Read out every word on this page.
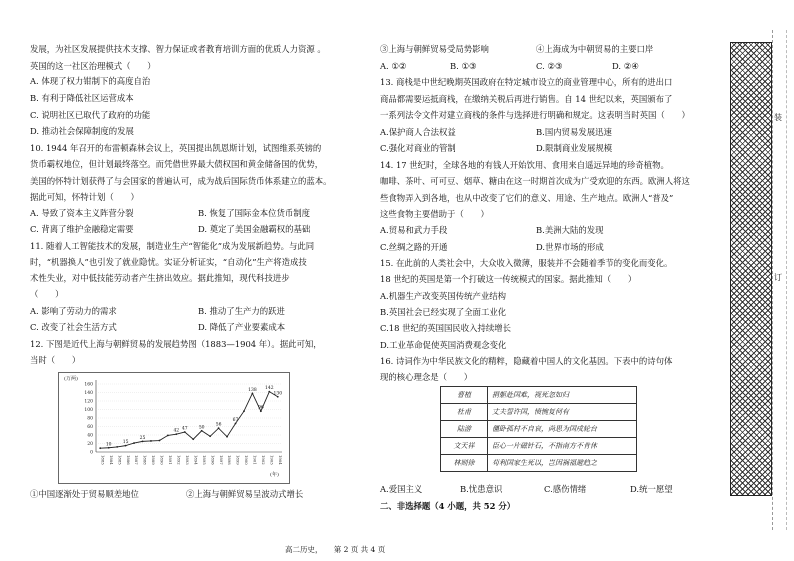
发展，为社区发展提供技术支撑、智力保证或者教育培训方面的优质人力资源 。
英国的这一社区治理模式（　　）
A. 体现了权力钳制下的高度自治
B. 有利于降低社区运营成本
C. 说明社区已取代了政府的功能
D. 推动社会保障制度的发展
10. 1944 年召开的布雷顿森林会议上，英国提出凯恩斯计划，试图维系英镑的
货币霸权地位，但计划最终落空。而凭借世界最大债权国和黄金储备国的优势，
美国的怀特计划获得了与会国家的普遍认可，成为战后国际货币体系建立的蓝本。
据此可知，怀特计划（　　）
A. 导致了资本主义阵营分裂	B. 恢复了国际金本位货币制度
C. 背离了维护金融稳定需要	D. 奠定了美国金融霸权的基础
11. 随着人工智能技术的发展，制造业生产“智能化”成为发展新趋势。与此同
时，“机器换人”也引发了就业隐忧。实证分析证实，“自动化”生产将造成技
术性失业，对中低技能劳动者产生挤出效应。据此推知，现代科技进步
（　　）
A. 影响了劳动力的需求	B. 推动了生产力的跃进
C. 改变了社会生活方式	D. 降低了产业要素成本
12. 下图是近代上海与朝鲜贸易的发展趋势图（1883—1904 年）。据此可知，
当时（　　）
①中国逐渐处于贸易顺差地位	②上海与朝鲜贸易呈波动式增长
(万两)
(年)
0
20
40
60
80
100
120
140
160
1883 1884 1885 1886 1887 1888 1889 1890 1891 1892 1893 1894 1895 1896 1897 1898 1899 1900 1901 1902 1903 1904
10 15
25
42 47 50
56
67
138
96
142
130
③上海与朝鲜贸易受局势影响	④上海成为中朝贸易的主要口岸
A. ①②	B. ①③	C. ②③	D. ②④
13. 商栈是中世纪晚期英国政府在特定城市设立的商业管理中心，所有的进出口
商品都需要运抵商栈，在缴纳关税后再进行销售。自 14 世纪以来，英国颁布了
一系列法令文件对建立商栈的条件与选择进行明确和规定。这表明当时英国（　　）
A.保护商人合法权益	B.国内贸易发展迅速
C.强化对商业的管制	D.限制商业发展规模
14. 17 世纪时，全球各地的有钱人开始饮用、食用来自遥远异地的珍奇植物。
咖啡、茶叶、可可豆、烟草、糖由在这一时期首次成为广受欢迎的东西。欧洲人将这
些食物弄入到各地，也从中改变了它们的意义、用途、生产地点。欧洲人“普及”
这些食物主要借助于（　　）
A.贸易和武力手段	B.美洲大陆的发现
C.丝绸之路的开通	D.世界市场的形成
15. 在此前的人类社会中，大众收入微薄，服装并不会随着季节的变化而变化。
18 世纪的英国是第一个打破这一传统模式的国家。据此推知（　　）
A.机器生产改变英国传统产业结构
B.英国社会已经实现了全面工业化
C.18 世纪的英国国民收入持续增长
D.工业革命促使英国消费观念变化
16. 诗词作为中华民族文化的精粹，隐藏着中国人的文化基因。下表中的诗句体
现的核心理念是（　　）
A.爱国主义	B.忧患意识	C.感伤情绪	D.统一愿望
二、非选择题（4 小题，共 52 分）
曹植	捐躯赴国难，视死忽如归
杜甫	丈夫誓许国，愤惋复何有
陆游	僵卧孤村不自哀，尚思为国戍轮台
文天祥	臣心一片磁针石，不指南方不肯休
林则徐	苟利国家生死以，岂因祸福避趋之
装
订
高二历史，　　第 2 页 共 4 页
